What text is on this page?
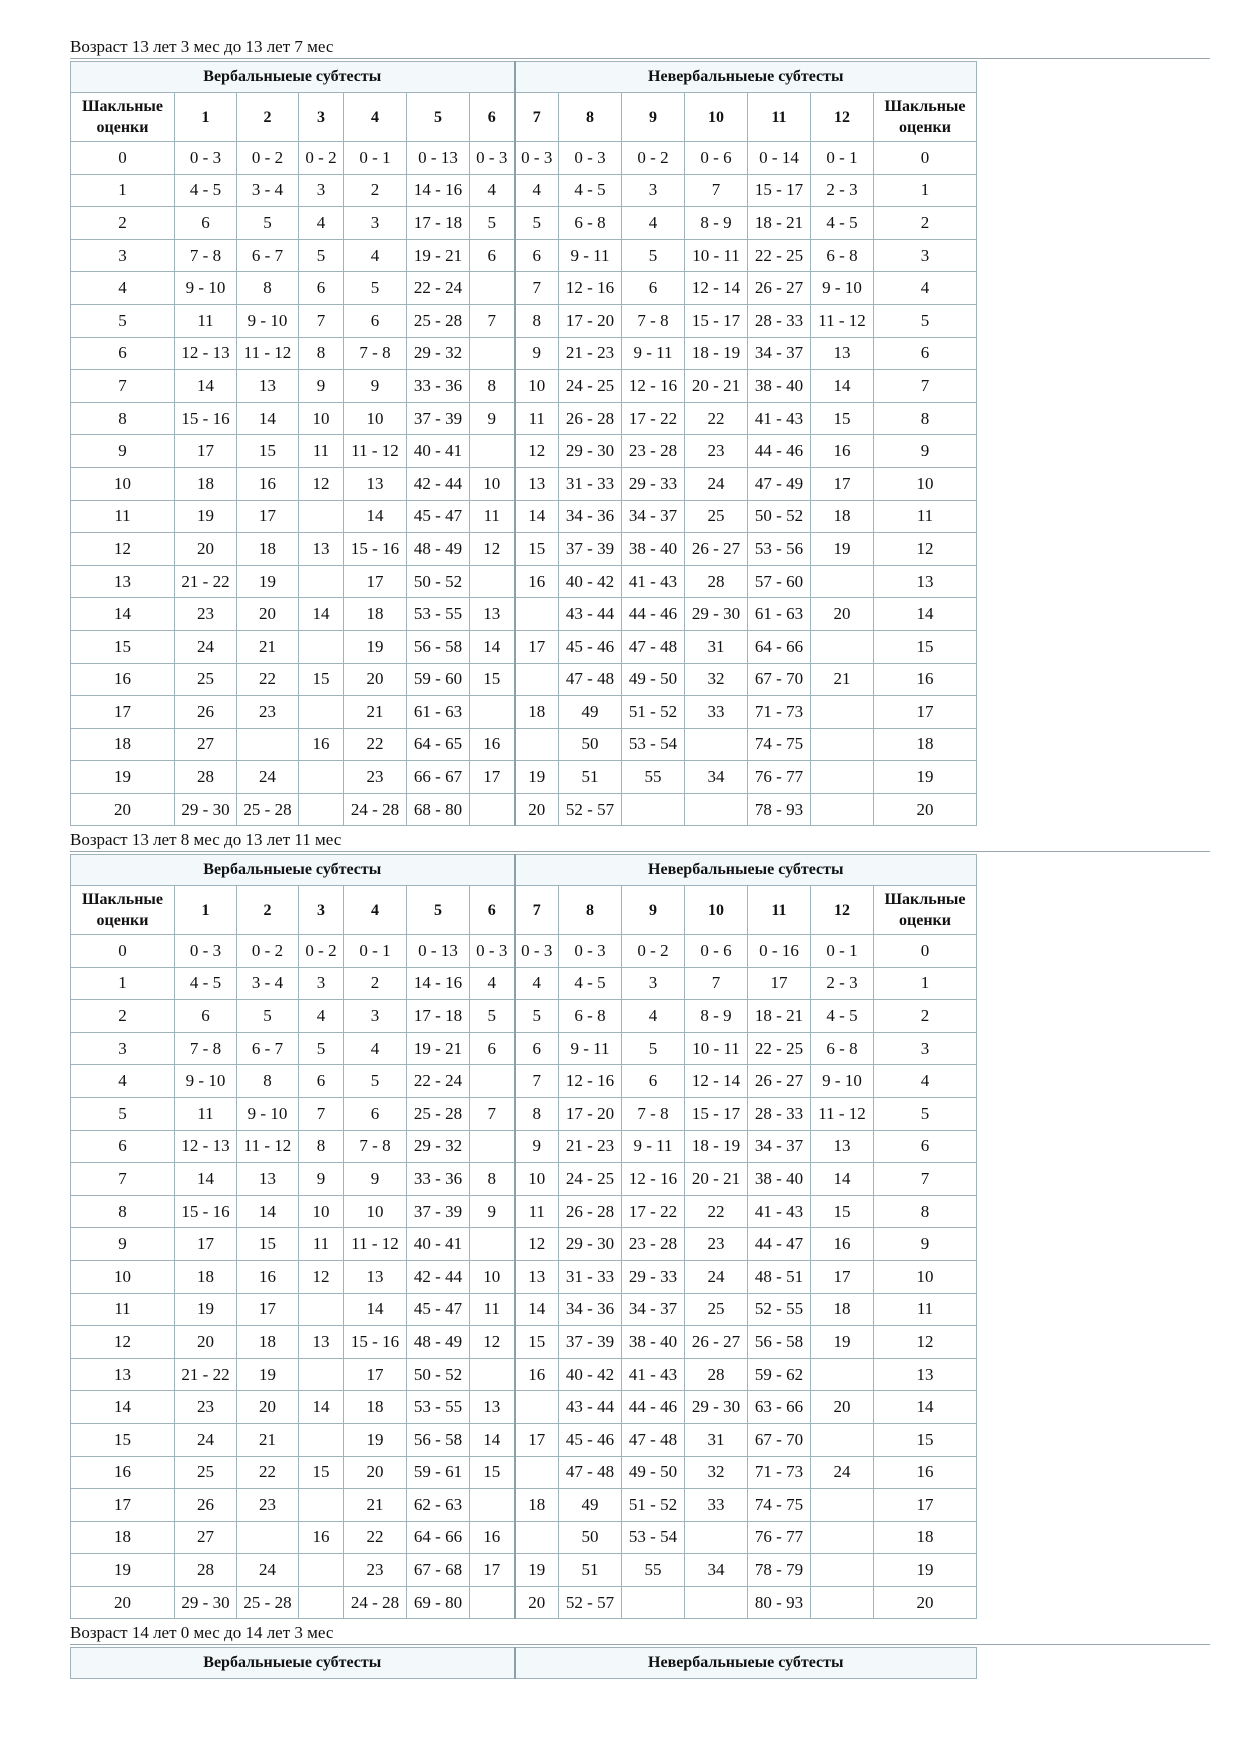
Возраст 13 лет 3 мес до 13 лет 7 мес
Вербальныеые субтесты							Невербальныеые субтесты						
Шакльные
оценки	1	2	3	4	5	6	7	8	9	10	11	12	Шакльные
оценки
0	0 - 3	0 - 2	0 - 2	0 - 1	0 - 13	0 - 3	0 - 3	0 - 3	0 - 2	0 - 6	0 - 14	0 - 1	0
1	4 - 5	3 - 4	3	2	14 - 16	4	4	4 - 5	3	7	15 - 17	2 - 3	1
2	6	5	4	3	17 - 18	5	5	6 - 8	4	8 - 9	18 - 21	4 - 5	2
3	7 - 8	6 - 7	5	4	19 - 21	6	6	9 - 11	5	10 - 11	22 - 25	6 - 8	3
4	9 - 10	8	6	5	22 - 24		7	12 - 16	6	12 - 14	26 - 27	9 - 10	4
5	11	9 - 10	7	6	25 - 28	7	8	17 - 20	7 - 8	15 - 17	28 - 33	11 - 12	5
6	12 - 13	11 - 12	8	7 - 8	29 - 32		9	21 - 23	9 - 11	18 - 19	34 - 37	13	6
7	14	13	9	9	33 - 36	8	10	24 - 25	12 - 16	20 - 21	38 - 40	14	7
8	15 - 16	14	10	10	37 - 39	9	11	26 - 28	17 - 22	22	41 - 43	15	8
9	17	15	11	11 - 12	40 - 41		12	29 - 30	23 - 28	23	44 - 46	16	9
10	18	16	12	13	42 - 44	10	13	31 - 33	29 - 33	24	47 - 49	17	10
11	19	17		14	45 - 47	11	14	34 - 36	34 - 37	25	50 - 52	18	11
12	20	18	13	15 - 16	48 - 49	12	15	37 - 39	38 - 40	26 - 27	53 - 56	19	12
13	21 - 22	19		17	50 - 52		16	40 - 42	41 - 43	28	57 - 60		13
14	23	20	14	18	53 - 55	13		43 - 44	44 - 46	29 - 30	61 - 63	20	14
15	24	21		19	56 - 58	14	17	45 - 46	47 - 48	31	64 - 66		15
16	25	22	15	20	59 - 60	15		47 - 48	49 - 50	32	67 - 70	21	16
17	26	23		21	61 - 63		18	49	51 - 52	33	71 - 73		17
18	27		16	22	64 - 65	16		50	53 - 54		74 - 75		18
19	28	24		23	66 - 67	17	19	51	55	34	76 - 77		19
20	29 - 30	25 - 28		24 - 28	68 - 80		20	52 - 57			78 - 93		20
Возраст 13 лет 8 мес до 13 лет 11 мес
Вербальныеые субтесты							Невербальныеые субтесты						
Шакльные
оценки	1	2	3	4	5	6	7	8	9	10	11	12	Шакльные
оценки
0	0 - 3	0 - 2	0 - 2	0 - 1	0 - 13	0 - 3	0 - 3	0 - 3	0 - 2	0 - 6	0 - 16	0 - 1	0
1	4 - 5	3 - 4	3	2	14 - 16	4	4	4 - 5	3	7	17	2 - 3	1
2	6	5	4	3	17 - 18	5	5	6 - 8	4	8 - 9	18 - 21	4 - 5	2
3	7 - 8	6 - 7	5	4	19 - 21	6	6	9 - 11	5	10 - 11	22 - 25	6 - 8	3
4	9 - 10	8	6	5	22 - 24		7	12 - 16	6	12 - 14	26 - 27	9 - 10	4
5	11	9 - 10	7	6	25 - 28	7	8	17 - 20	7 - 8	15 - 17	28 - 33	11 - 12	5
6	12 - 13	11 - 12	8	7 - 8	29 - 32		9	21 - 23	9 - 11	18 - 19	34 - 37	13	6
7	14	13	9	9	33 - 36	8	10	24 - 25	12 - 16	20 - 21	38 - 40	14	7
8	15 - 16	14	10	10	37 - 39	9	11	26 - 28	17 - 22	22	41 - 43	15	8
9	17	15	11	11 - 12	40 - 41		12	29 - 30	23 - 28	23	44 - 47	16	9
10	18	16	12	13	42 - 44	10	13	31 - 33	29 - 33	24	48 - 51	17	10
11	19	17		14	45 - 47	11	14	34 - 36	34 - 37	25	52 - 55	18	11
12	20	18	13	15 - 16	48 - 49	12	15	37 - 39	38 - 40	26 - 27	56 - 58	19	12
13	21 - 22	19		17	50 - 52		16	40 - 42	41 - 43	28	59 - 62		13
14	23	20	14	18	53 - 55	13		43 - 44	44 - 46	29 - 30	63 - 66	20	14
15	24	21		19	56 - 58	14	17	45 - 46	47 - 48	31	67 - 70		15
16	25	22	15	20	59 - 61	15		47 - 48	49 - 50	32	71 - 73	24	16
17	26	23		21	62 - 63		18	49	51 - 52	33	74 - 75		17
18	27		16	22	64 - 66	16		50	53 - 54		76 - 77		18
19	28	24		23	67 - 68	17	19	51	55	34	78 - 79		19
20	29 - 30	25 - 28		24 - 28	69 - 80		20	52 - 57			80 - 93		20
Возраст 14 лет 0 мес до 14 лет 3 мес
Вербальныеые субтесты	Невербальныеые субтесты
